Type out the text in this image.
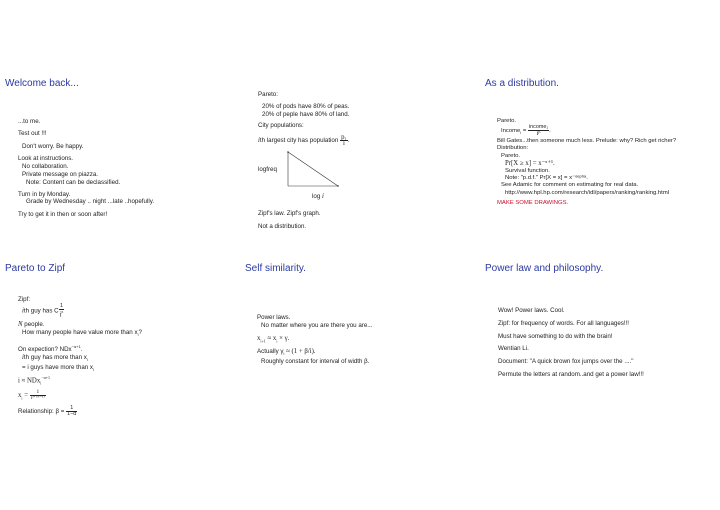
Welcome back...

...to me.

Test out !!!

Don't worry. Be happy.

Look at instructions.

No collaboration.

Private message on piazza.

Note: Content can be declassified.

Turn in by Monday.

Grade by Wednesday .. night ...late ..hopefully.

Try to get it in then or soon after!

Pareto:

20% of pods have 80% of peas.

20% of peple have 80% of land.

City populations:

ith largest city has population $\frac{\text{p₁}}{i}$ .

logfreq
log i

Zipf's law. Zipf's graph.

Not a distribution.

As a distribution.

Pareto.

Income$_i$ = $\frac{\text{income₁}}{\text{iᵝ}}$ .

Bill Gates...then someone much less. Prelude: why? Rich get richer?

Distribution:

Pareto.

Pr[X ≥ x] = x⁻ᵅ⁺¹.

Survival function.

Note: "p.d.f." Pr[X = x] = x⁻ᵅᵉᵖʰᵃ.

See Adamic for comment on estimating for real data.

http://www.hpl.hp.com/research/idl/papers/ranking/ranking.html

MAKE SOME DRAWINGS.

Pareto to Zipf

Zipf:

ith guy has C $\frac{1}{i^\beta}$

N people.

How many people have value more than $x_i$?

On expection? NDx$^{-\alpha+1}$.

ith guy has more than $x_i$

= i guys have more than $x_i$

i ≈ NDx$_i^{-\alpha+1}$

$x_i = \frac{1}{\text{i¹ᐟ⁽ᵅ⁻¹⁾}}$

Relationship: $\beta = \frac{1}{1-\alpha}$

Self similarity.

Power laws.

No matter where you are there you are...

$x_{i+1} \approx x_i \times \gamma$.

Actually $\gamma_i \approx (1 + \beta/i)$.

Roughly constant for interval of width β.

Power law and philosophy.

Wow! Power laws. Cool.

Zipf: for frequency of words. For all languages!!!

Must have something to do with the brain!

Wentian Li.

Document: "A quick brown fox jumps over the ...."

Permute the letters at random..and get a power law!!!
